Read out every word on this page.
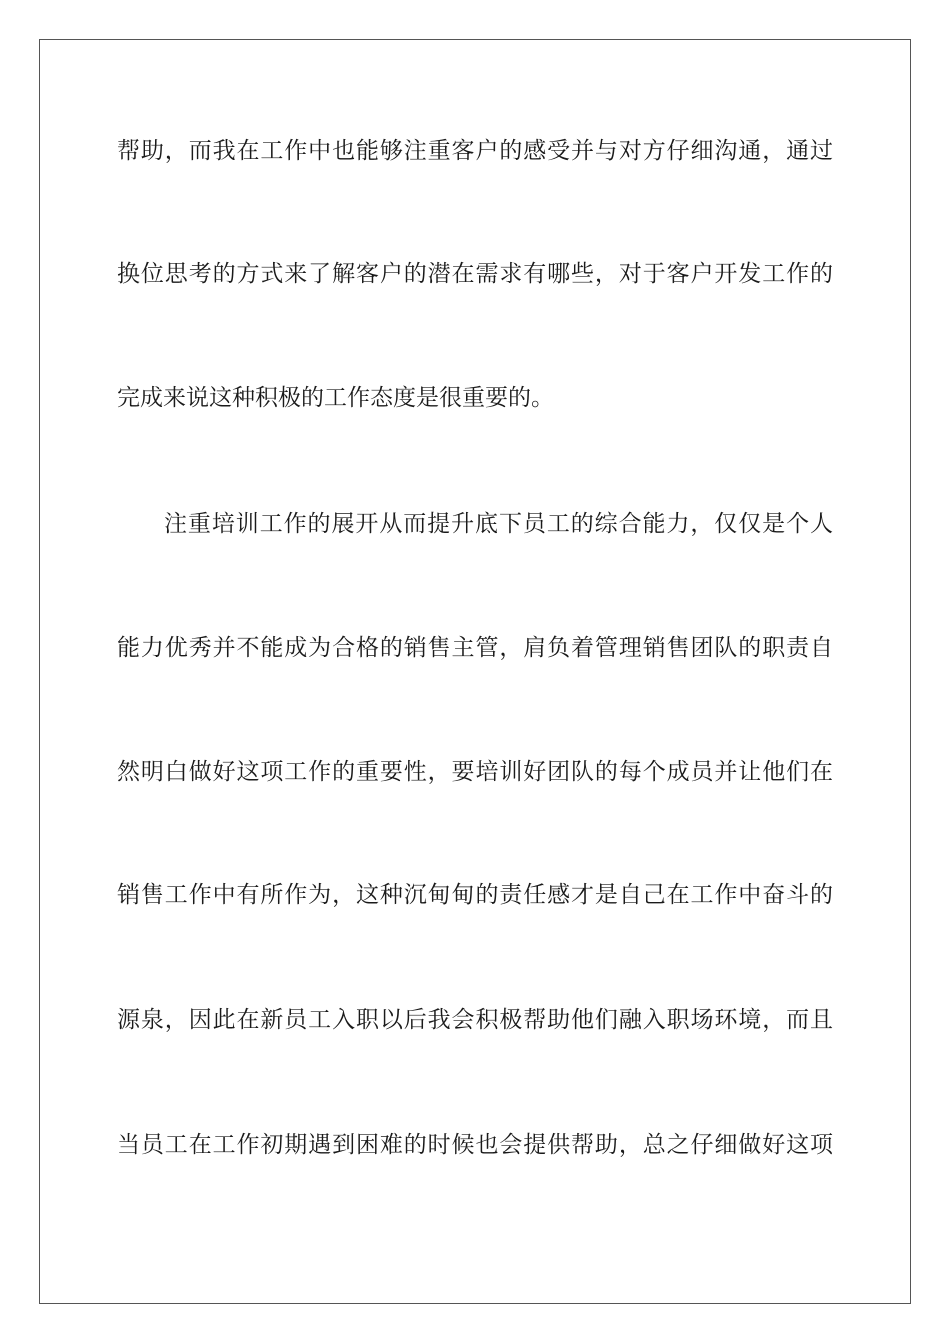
帮助，而我在工作中也能够注重客户的感受并与对方仔细沟通，通过
换位思考的方式来了解客户的潜在需求有哪些，对于客户开发工作的
完成来说这种积极的工作态度是很重要的。
注重培训工作的展开从而提升底下员工的综合能力，仅仅是个人
能力优秀并不能成为合格的销售主管，肩负着管理销售团队的职责自
然明白做好这项工作的重要性，要培训好团队的每个成员并让他们在
销售工作中有所作为，这种沉甸甸的责任感才是自己在工作中奋斗的
源泉，因此在新员工入职以后我会积极帮助他们融入职场环境，而且
当员工在工作初期遇到困难的时候也会提供帮助，总之仔细做好这项
